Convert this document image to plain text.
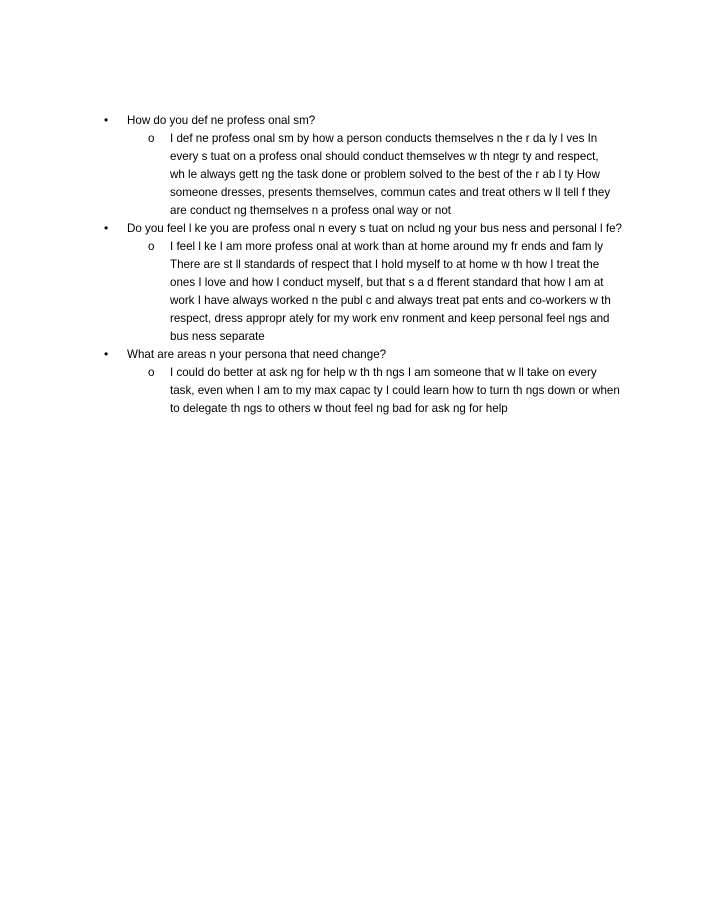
• How do you def ne profess onal sm?
o I def ne profess onal sm by how a person conducts themselves n the r da ly l ves In
every s tuat on a profess onal should conduct themselves w th ntegr ty and respect,
wh le always gett ng the task done or problem solved to the best of the r ab l ty How
someone dresses, presents themselves, commun cates and treat others w ll tell f they
are conduct ng themselves n a profess onal way or not
• Do you feel l ke you are profess onal n every s tuat on nclud ng your bus ness and personal l fe?
o I feel l ke I am more profess onal at work than at home around my fr ends and fam ly
There are st ll standards of respect that I hold myself to at home w th how I treat the
ones I love and how I conduct myself, but that s a d fferent standard that how I am at
work I have always worked n the publ c and always treat pat ents and co-workers w th
respect, dress appropr ately for my work env ronment and keep personal feel ngs and
bus ness separate
• What are areas n your persona that need change?
o I could do better at ask ng for help w th th ngs I am someone that w ll take on every
task, even when I am to my max capac ty I could learn how to turn th ngs down or when
to delegate th ngs to others w thout feel ng bad for ask ng for help
